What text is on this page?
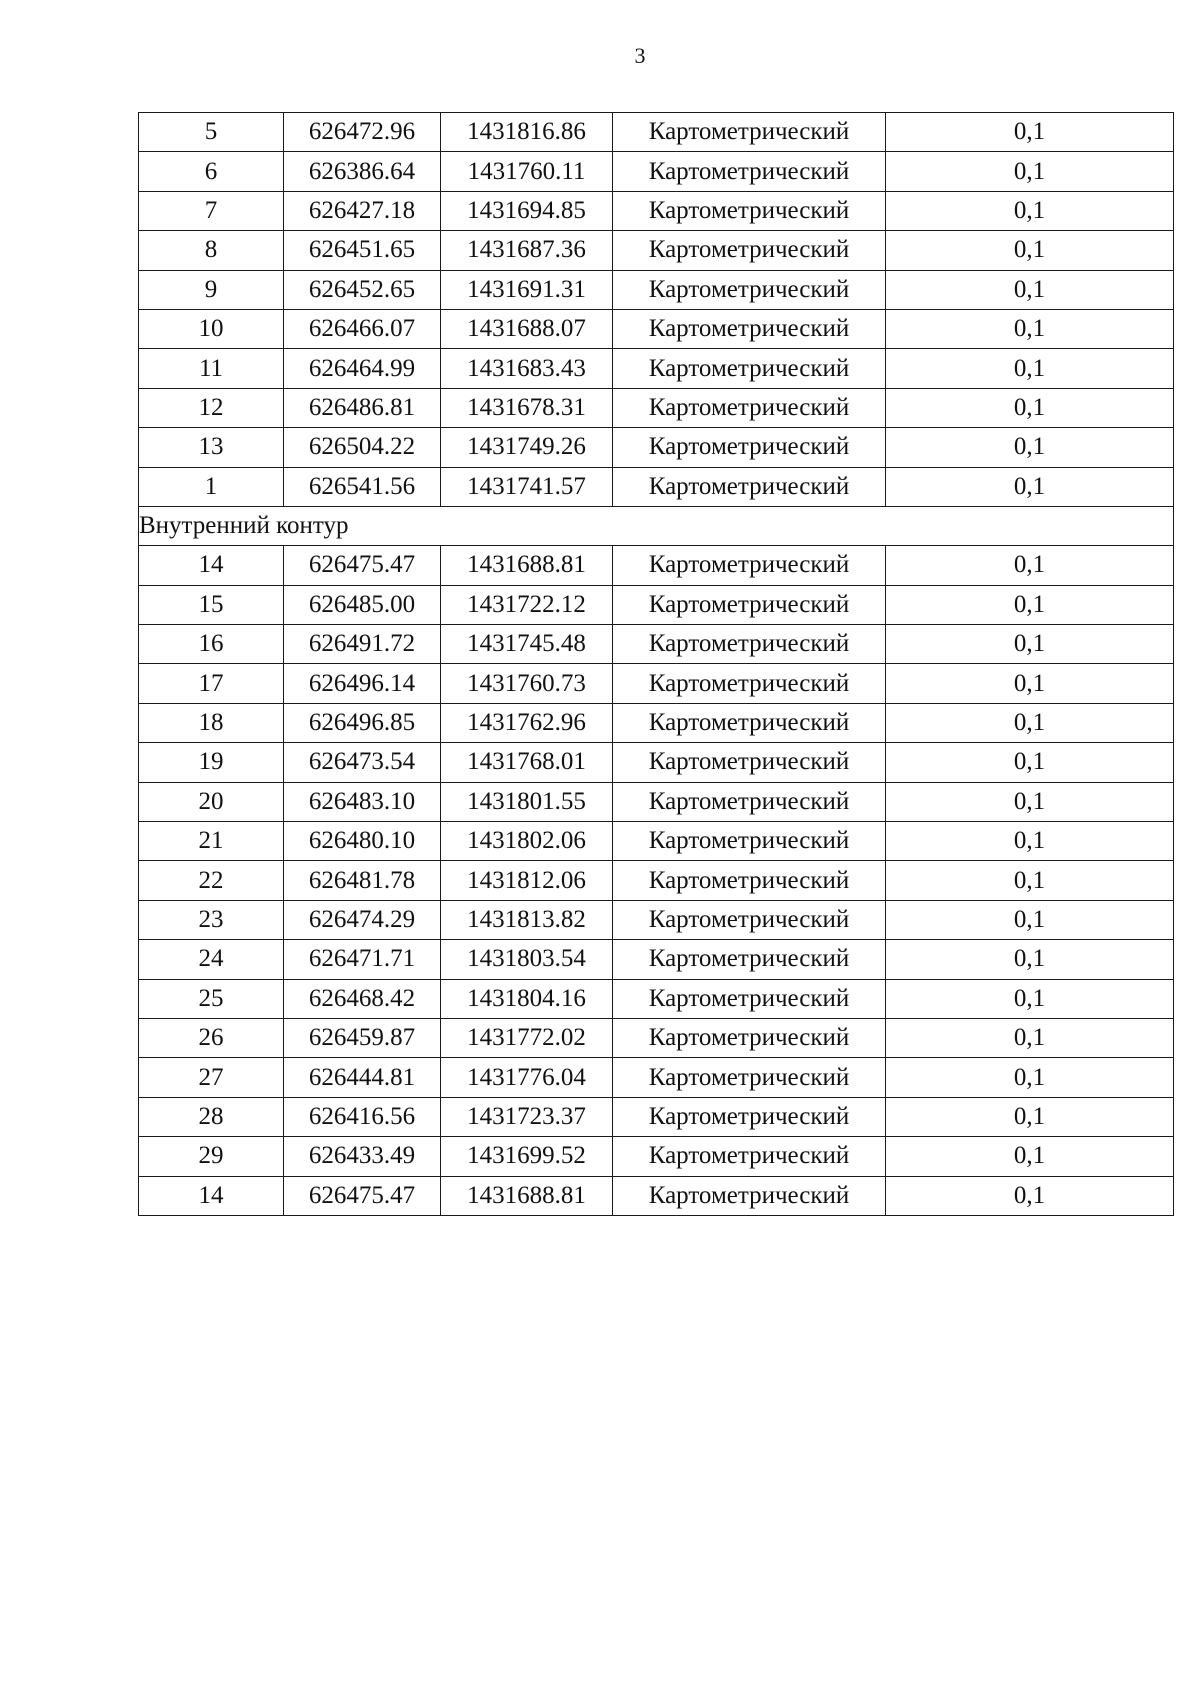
3
5	626472.96	1431816.86	Картометрический	0,1
6	626386.64	1431760.11	Картометрический	0,1
7	626427.18	1431694.85	Картометрический	0,1
8	626451.65	1431687.36	Картометрический	0,1
9	626452.65	1431691.31	Картометрический	0,1
10	626466.07	1431688.07	Картометрический	0,1
11	626464.99	1431683.43	Картометрический	0,1
12	626486.81	1431678.31	Картометрический	0,1
13	626504.22	1431749.26	Картометрический	0,1
1	626541.56	1431741.57	Картометрический	0,1
Внутренний контур				
14	626475.47	1431688.81	Картометрический	0,1
15	626485.00	1431722.12	Картометрический	0,1
16	626491.72	1431745.48	Картометрический	0,1
17	626496.14	1431760.73	Картометрический	0,1
18	626496.85	1431762.96	Картометрический	0,1
19	626473.54	1431768.01	Картометрический	0,1
20	626483.10	1431801.55	Картометрический	0,1
21	626480.10	1431802.06	Картометрический	0,1
22	626481.78	1431812.06	Картометрический	0,1
23	626474.29	1431813.82	Картометрический	0,1
24	626471.71	1431803.54	Картометрический	0,1
25	626468.42	1431804.16	Картометрический	0,1
26	626459.87	1431772.02	Картометрический	0,1
27	626444.81	1431776.04	Картометрический	0,1
28	626416.56	1431723.37	Картометрический	0,1
29	626433.49	1431699.52	Картометрический	0,1
14	626475.47	1431688.81	Картометрический	0,1
